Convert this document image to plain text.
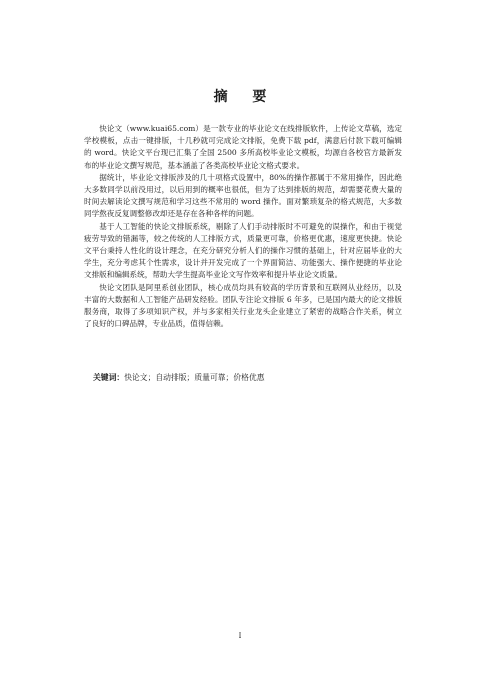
摘 要

快论文（www.kuai65.com）是一款专业的毕业论文在线排版软件，上传论文草稿，选定学校模板，点击一键排版，十几秒就可完成论文排版，免费下载 pdf，满意后付款下载可编辑的 word。快论文平台现已汇集了全国 2500 多所高校毕业论文模板，均源自各校官方最新发布的毕业论文撰写规范，基本涵盖了各类高校毕业论文格式要求。

据统计，毕业论文排版涉及的几十项格式设置中，80%的操作都属于不常用操作，因此绝大多数同学以前没用过，以后用到的概率也很低，但为了达到排版的规范，却需要花费大量的时间去解读论文撰写规范和学习这些不常用的 word 操作。面对繁琐复杂的格式规范，大多数同学熬夜反复调整修改却还是存在各种各样的问题。

基于人工智能的快论文排版系统，剔除了人们手动排版时不可避免的误操作，和由于视觉疲劳导致的错漏等，较之传统的人工排版方式，质量更可靠，价格更优惠，速度更快捷。快论文平台秉持人性化的设计理念，在充分研究分析人们的操作习惯的基础上，针对应届毕业的大学生，充分考虑其个性需求，设计并开发完成了一个界面简洁、功能强大、操作便捷的毕业论文排版和编辑系统，帮助大学生提高毕业论文写作效率和提升毕业论文质量。

快论文团队是阿里系创业团队，核心成员均具有较高的学历背景和互联网从业经历，以及丰富的大数据和人工智能产品研发经验。团队专注论文排版 6 年多，已是国内最大的论文排版服务商，取得了多项知识产权，并与多家相关行业龙头企业建立了紧密的战略合作关系，树立了良好的口碑品牌，专业品质，值得信赖。

关键词：快论文；自动排版；质量可靠；价格优惠
I
